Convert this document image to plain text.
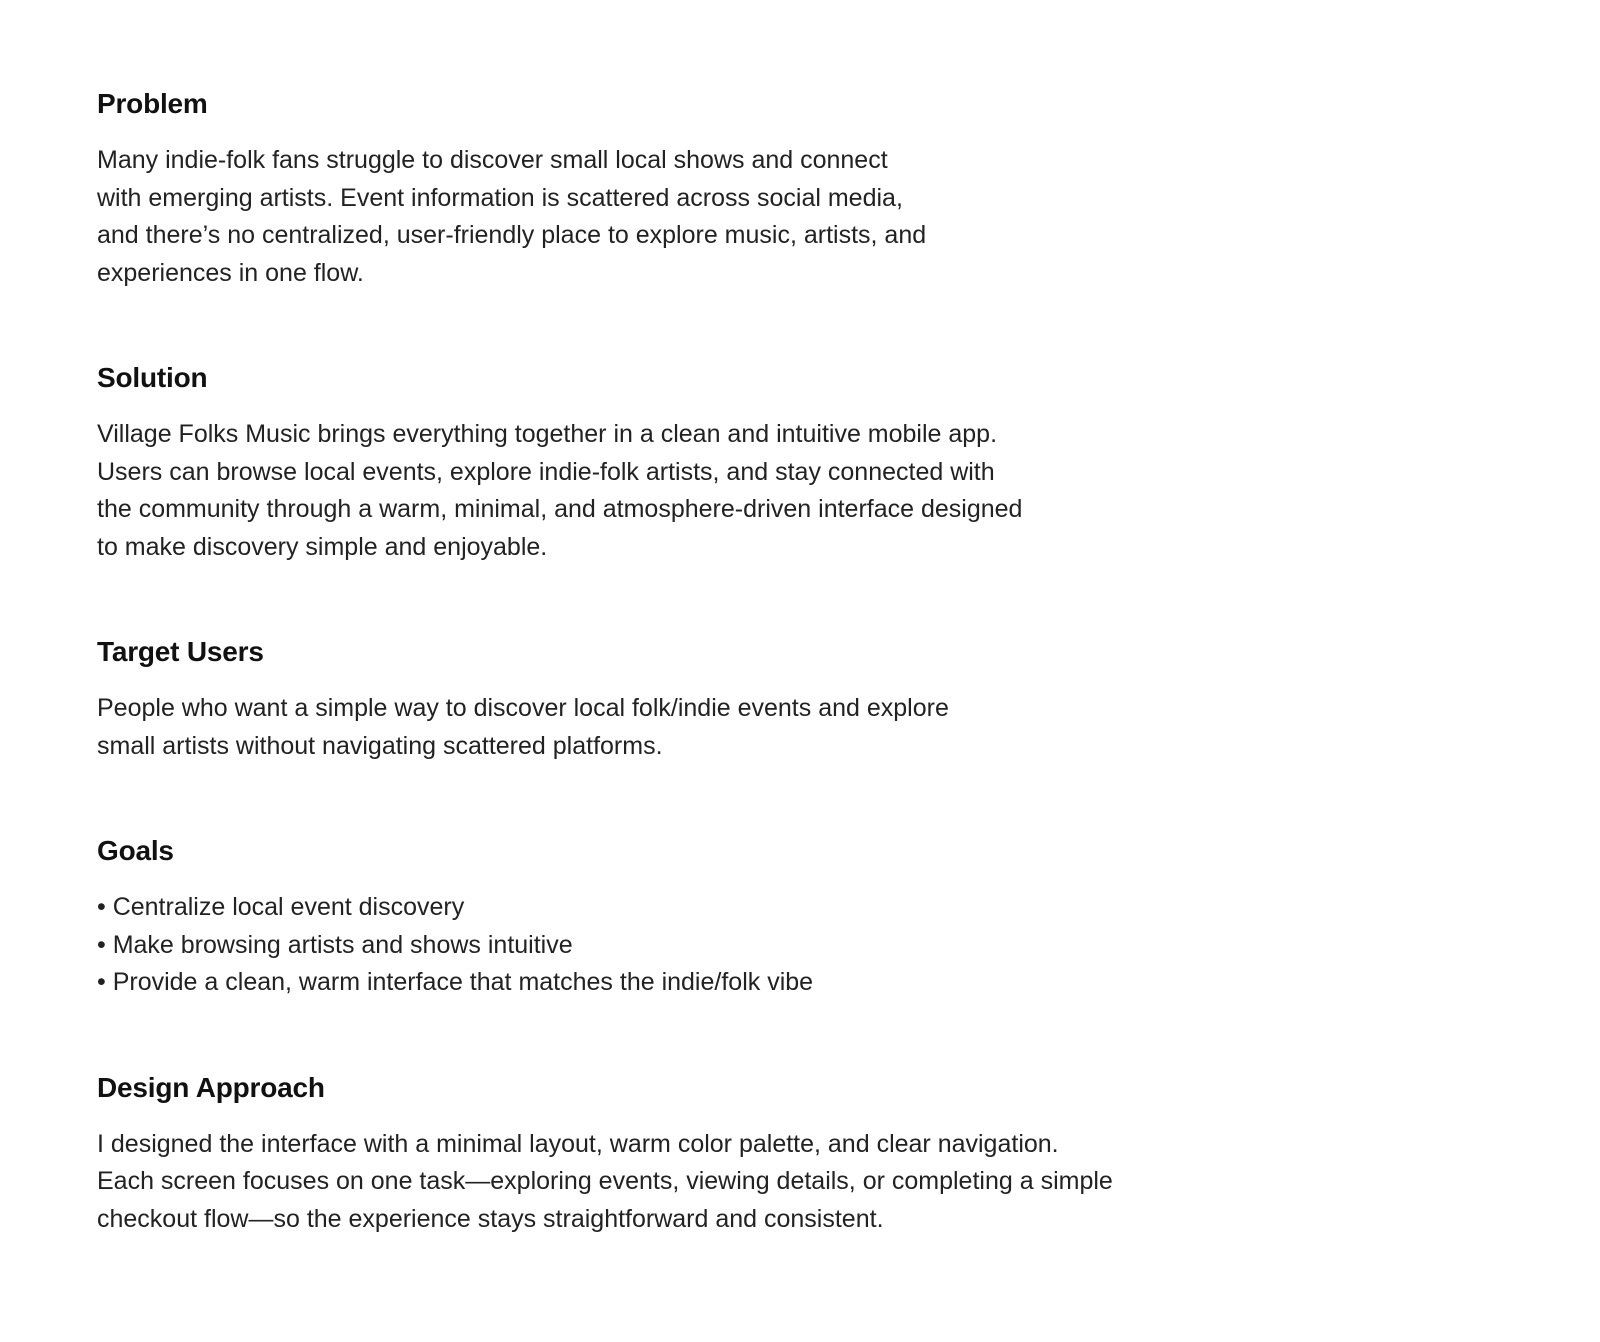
Problem
Many indie-folk fans struggle to discover small local shows and connect
with emerging artists. Event information is scattered across social media,
and there’s no centralized, user-friendly place to explore music, artists, and
experiences in one flow.
Solution
Village Folks Music brings everything together in a clean and intuitive mobile app.
Users can browse local events, explore indie-folk artists, and stay connected with
the community through a warm, minimal, and atmosphere-driven interface designed
to make discovery simple and enjoyable.
Target Users
People who want a simple way to discover local folk/indie events and explore
small artists without navigating scattered platforms.
Goals
• Centralize local event discovery
• Make browsing artists and shows intuitive
• Provide a clean, warm interface that matches the indie/folk vibe
Design Approach
I designed the interface with a minimal layout, warm color palette, and clear navigation.
Each screen focuses on one task—exploring events, viewing details, or completing a simple
checkout flow—so the experience stays straightforward and consistent.
